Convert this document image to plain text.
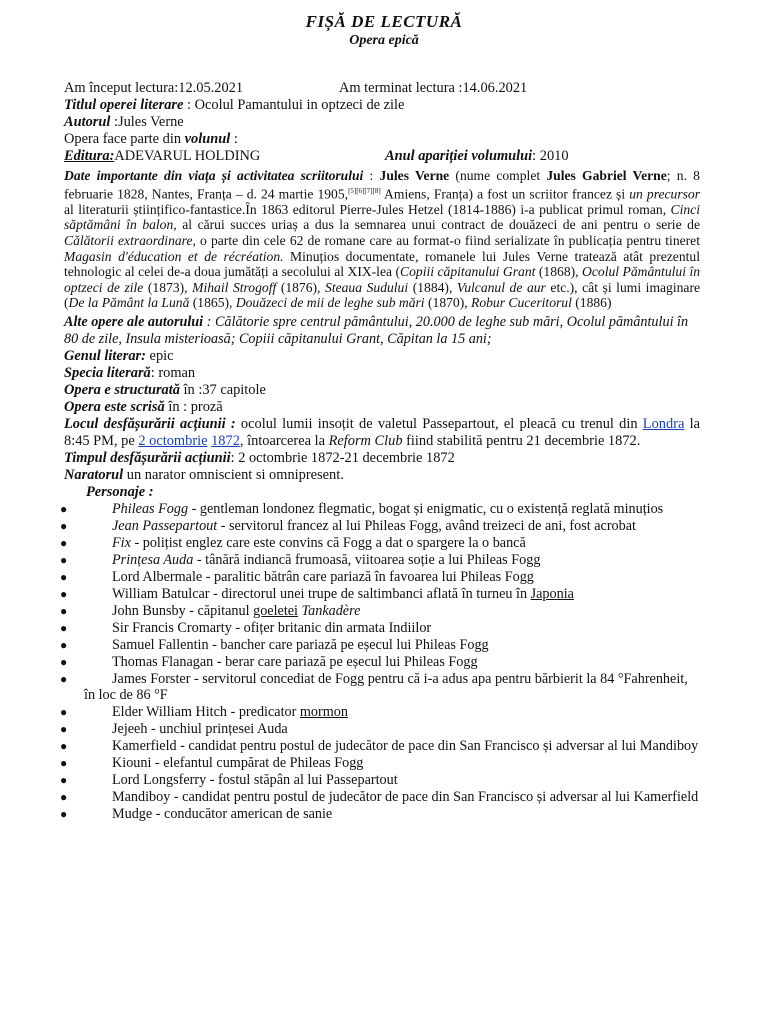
FIȘĂ DE LECTURĂ
Opera epică
Am început lectura:12.05.2021	Am terminat lectura :14.06.2021
Titlul operei literare : Ocolul Pamantului in optzeci de zile
Autorul :Jules Verne
Opera face parte din volunul :
Editura:ADEVARUL HOLDING	Anul apariției volumului: 2010
Date importante din viața și activitatea scriitorului : Jules Verne (nume complet Jules Gabriel Verne; n. 8 februarie 1828, Nantes, Franța – d. 24 martie 1905,[5][6][7][8] Amiens, Franța) a fost un scriitor francez și un precursor al literaturii științifico-fantastice.În 1863 editorul Pierre-Jules Hetzel (1814-1886) i-a publicat primul roman, Cinci săptămâni în balon, al cărui succes uriaș a dus la semnarea unui contract de douăzeci de ani pentru o serie de Călătorii extraordinare, o parte din cele 62 de romane care au format-o fiind serializate în publicația pentru tineret Magasin d'éducation et de récréation. Minuțios documentate, romanele lui Jules Verne tratează atât prezentul tehnologic al celei de-a doua jumătăți a secolului al XIX-lea (Copiii căpitanului Grant (1868), Ocolul Pământului în optzeci de zile (1873), Mihail Strogoff (1876), Steaua Sudului (1884), Vulcanul de aur etc.), cât și lumi imaginare (De la Pământ la Lună (1865), Douăzeci de mii de leghe sub mări (1870), Robur Cuceritorul (1886)
Alte opere ale autorului : Călătorie spre centrul pământului, 20.000 de leghe sub mări, Ocolul pământului în 80 de zile, Insula misterioasă; Copiii căpitanului Grant, Căpitan la 15 ani;
Genul literar: epic
Specia literară: roman
Opera e structurată în :37 capitole
Opera este scrisă în : proză
Locul desfășurării acțiunii : ocolul lumii insoțit de valetul Passepartout, el pleacă cu trenul din Londra la 8:45 PM, pe 2 octombrie 1872, întoarcerea la Reform Club fiind stabilită pentru 21 decembrie 1872.
Timpul desfășurării acțiunii: 2 octombrie 1872-21 decembrie 1872
Naratorul un narator omniscient si omnipresent.
Personaje :
●	Phileas Fogg - gentleman londonez flegmatic, bogat și enigmatic, cu o existență reglată minuțios
●	Jean Passepartout - servitorul francez al lui Phileas Fogg, având treizeci de ani, fost acrobat
●	Fix - polițist englez care este convins că Fogg a dat o spargere la o bancă
●	Prințesa Auda - tânără indiancă frumoasă, viitoarea soție a lui Phileas Fogg
●	Lord Albermale - paralitic bătrân care pariază în favoarea lui Phileas Fogg
●	William Batulcar - directorul unei trupe de saltimbanci aflată în turneu în Japonia
●	John Bunsby - căpitanul goeletei Tankadère
●	Sir Francis Cromarty - ofițer britanic din armata Indiilor
●	Samuel Fallentin - bancher care pariază pe eșecul lui Phileas Fogg
●	Thomas Flanagan - berar care pariază pe eșecul lui Phileas Fogg
●	James Forster - servitorul concediat de Fogg pentru că i-a adus apa pentru bărbierit la 84 °Fahrenheit, în loc de 86 °F
●	Elder William Hitch - predicator mormon
●	Jejeeh - unchiul prințesei Auda
●	Kamerfield - candidat pentru postul de judecător de pace din San Francisco și adversar al lui Mandiboy
●	Kiouni - elefantul cumpărat de Phileas Fogg
●	Lord Longsferry - fostul stăpân al lui Passepartout
●	Mandiboy - candidat pentru postul de judecător de pace din San Francisco și adversar al lui Kamerfield
●	Mudge - conducător american de sanie
